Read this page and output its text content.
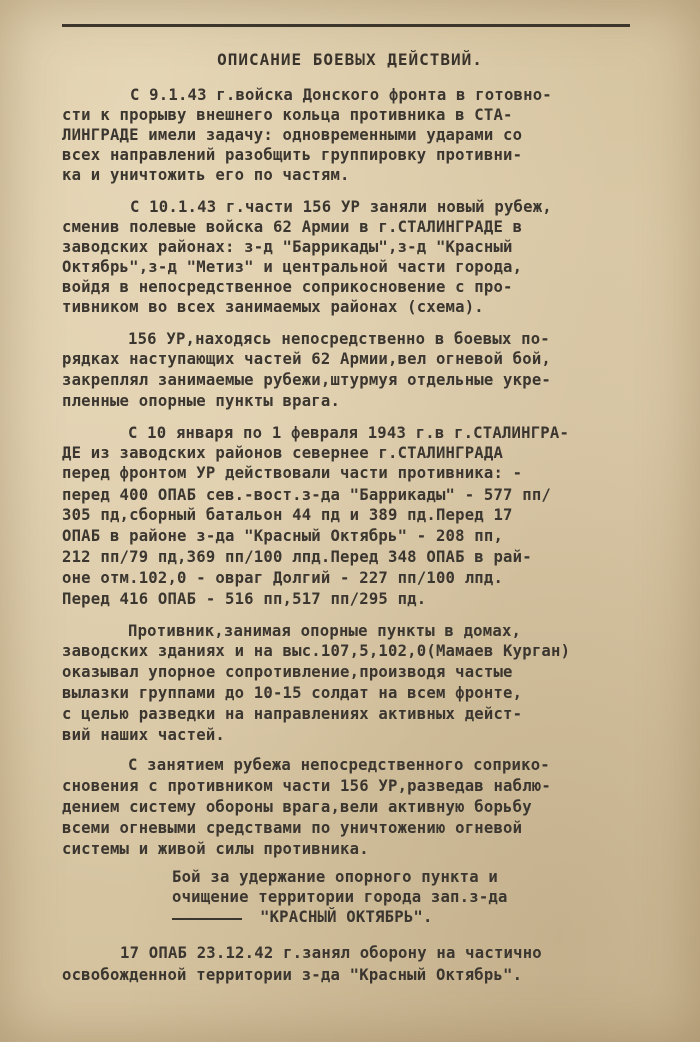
ОПИСАНИЕ БОЕВЫХ ДЕЙСТВИЙ.
С 9.1.43 г.войска Донского фронта в готовно-
сти к прорыву внешнего кольца противника в СТА-
ЛИНГРАДЕ имели задачу: одновременными ударами со
всех направлений разобщить группировку противни-
ка и уничтожить его по частям.
С 10.1.43 г.части 156 УР заняли новый рубеж,
сменив полевые войска 62 Армии в г.СТАЛИНГРАДЕ в
заводских районах: з-д "Баррикады",з-д "Красный
Октябрь",з-д "Метиз" и центральной части города,
войдя в непосредственное соприкосновение с про-
тивником во всех занимаемых районах (схема).
156 УР,находясь непосредственно в боевых по-
рядках наступающих частей 62 Армии,вел огневой бой,
закреплял занимаемые рубежи,штурмуя отдельные укре-
пленные опорные пункты врага.
С 10 января по 1 февраля 1943 г.в г.СТАЛИНГРА-
ДЕ из заводских районов севернее г.СТАЛИНГРАДА
перед фронтом УР действовали части противника: -
перед 400 ОПАБ сев.-вост.з-да "Баррикады" - 577 пп/
305 пд,сборный батальон 44 пд и 389 пд.Перед 17
ОПАБ в районе з-да "Красный Октябрь" - 208 пп,
212 пп/79 пд,369 пп/100 лпд.Перед 348 ОПАБ в рай-
оне отм.102,0 - овраг Долгий - 227 пп/100 лпд.
Перед 416 ОПАБ - 516 пп,517 пп/295 пд.
Противник,занимая опорные пункты в домах,
заводских зданиях и на выс.107,5,102,0(Мамаев Курган)
оказывал упорное сопротивление,производя частые
вылазки группами до 10-15 солдат на всем фронте,
с целью разведки на направлениях активных дейст-
вий наших частей.
С занятием рубежа непосредственного соприко-
сновения с противником части 156 УР,разведав наблю-
дением систему обороны врага,вели активную борьбу
всеми огневыми средствами по уничтожению огневой
системы и живой силы противника.
Бой за удержание опорного пункта и
очищение территории города зап.з-да
"КРАСНЫЙ ОКТЯБРЬ".
17 ОПАБ 23.12.42 г.занял оборону на частично
освобожденной территории з-да "Красный Октябрь".
